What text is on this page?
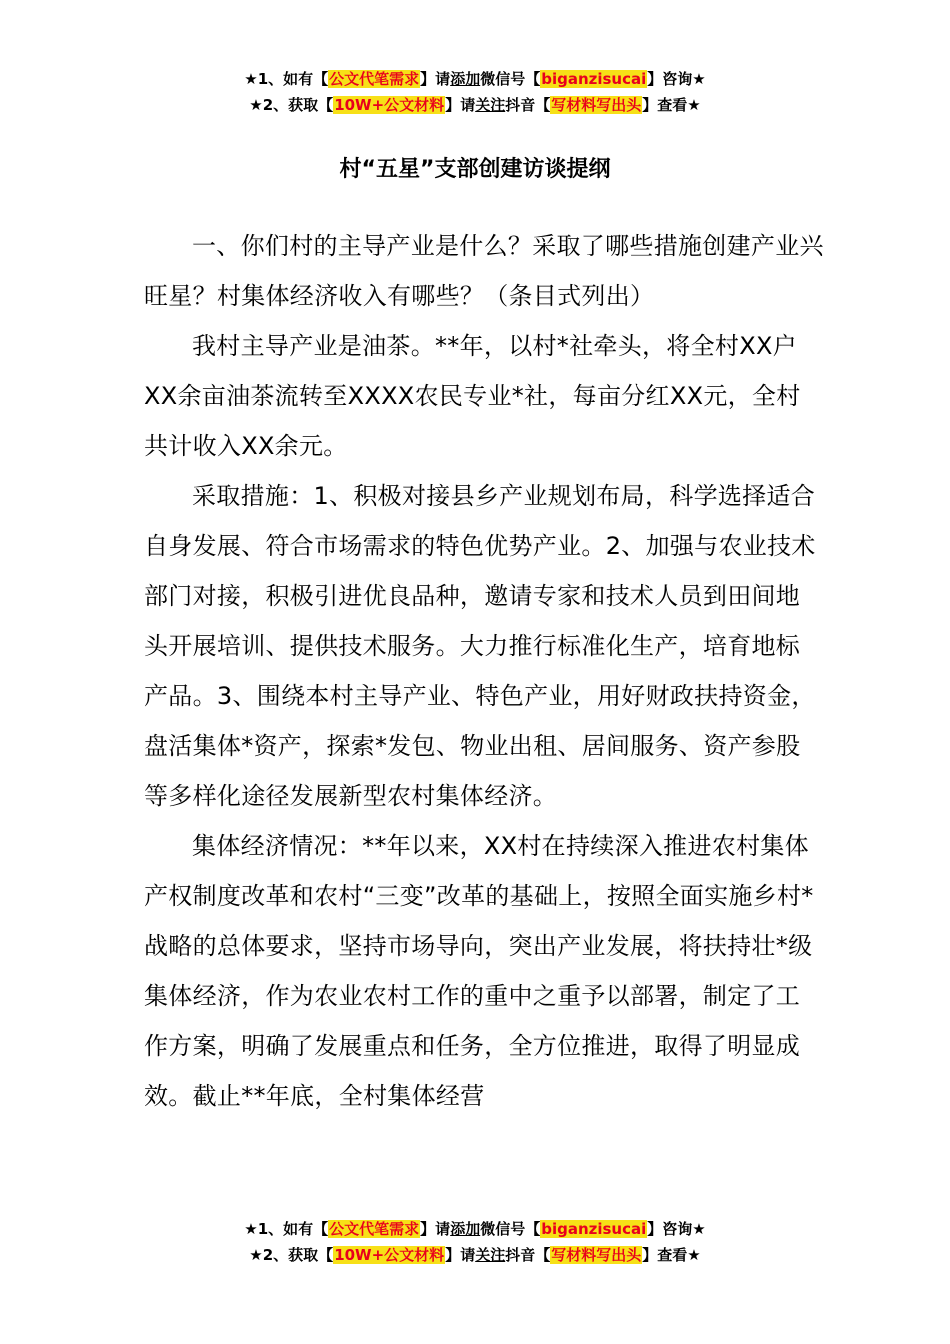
★1、如有【公文代笔需求】请添加微信号【biganzisucai】咨询★
★2、获取【10W+公文材料】请关注抖音【写材料写出头】查看★
村“五星”支部创建访谈提纲

一、你们村的主导产业是什么？采取了哪些措施创建产业兴旺星？村集体经济收入有哪些？（条目式列出）

我村主导产业是油茶。**年，以村*社牵头，将全村XX户XX余亩油茶流转至XXXX农民专业*社，每亩分红XX元，全村共计收入XX余元。

采取措施：1、积极对接县乡产业规划布局，科学选择适合自身发展、符合市场需求的特色优势产业。2、加强与农业技术部门对接，积极引进优良品种，邀请专家和技术人员到田间地头开展培训、提供技术服务。大力推行标准化生产，培育地标产品。3、围绕本村主导产业、特色产业，用好财政扶持资金，盘活集体*资产，探索*发包、物业出租、居间服务、资产参股等多样化途径发展新型农村集体经济。

集体经济情况：**年以来，XX村在持续深入推进农村集体产权制度改革和农村“三变”改革的基础上，按照全面实施乡村*战略的总体要求，坚持市场导向，突出产业发展，将扶持壮*级集体经济，作为农业农村工作的重中之重予以部署，制定了工作方案，明确了发展重点和任务，全方位推进，取得了明显成效。截止**年底，全村集体经营

★1、如有【公文代笔需求】请添加微信号【biganzisucai】咨询★
★2、获取【10W+公文材料】请关注抖音【写材料写出头】查看★
